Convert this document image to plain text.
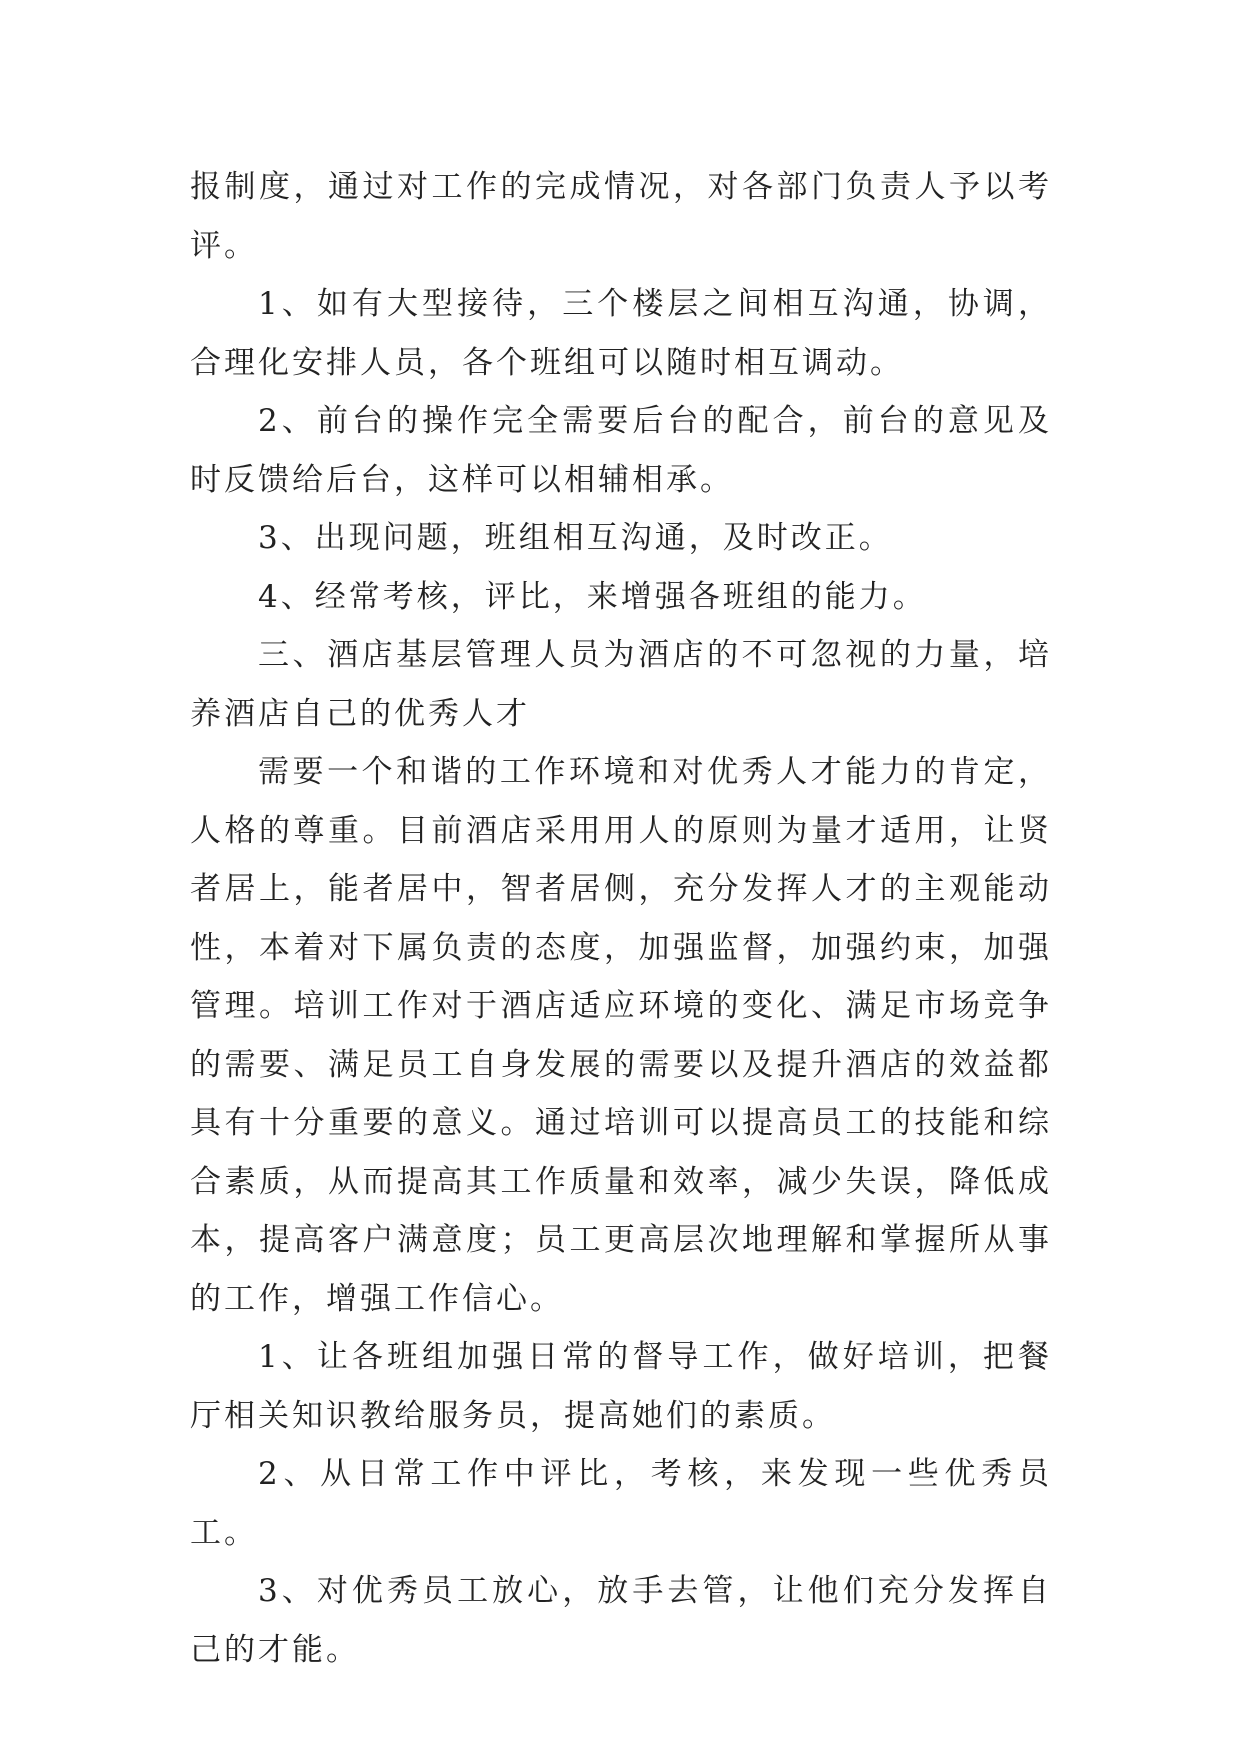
报制度，通过对工作的完成情况，对各部门负责人予以考评。

1、如有大型接待，三个楼层之间相互沟通，协调，合理化安排人员，各个班组可以随时相互调动。

2、前台的操作完全需要后台的配合，前台的意见及时反馈给后台，这样可以相辅相承。

3、出现问题，班组相互沟通，及时改正。

4、经常考核，评比，来增强各班组的能力。

三、酒店基层管理人员为酒店的不可忽视的力量，培养酒店自己的优秀人才

需要一个和谐的工作环境和对优秀人才能力的肯定，人格的尊重。目前酒店采用用人的原则为量才适用，让贤者居上，能者居中，智者居侧，充分发挥人才的主观能动性，本着对下属负责的态度，加强监督，加强约束，加强管理。培训工作对于酒店适应环境的变化、满足市场竞争的需要、满足员工自身发展的需要以及提升酒店的效益都具有十分重要的意义。通过培训可以提高员工的技能和综合素质，从而提高其工作质量和效率，减少失误，降低成本，提高客户满意度；员工更高层次地理解和掌握所从事的工作，增强工作信心。

1、让各班组加强日常的督导工作，做好培训，把餐厅相关知识教给服务员，提高她们的素质。

2、从日常工作中评比，考核，来发现一些优秀员工。

3、对优秀员工放心，放手去管，让他们充分发挥自己的才能。
